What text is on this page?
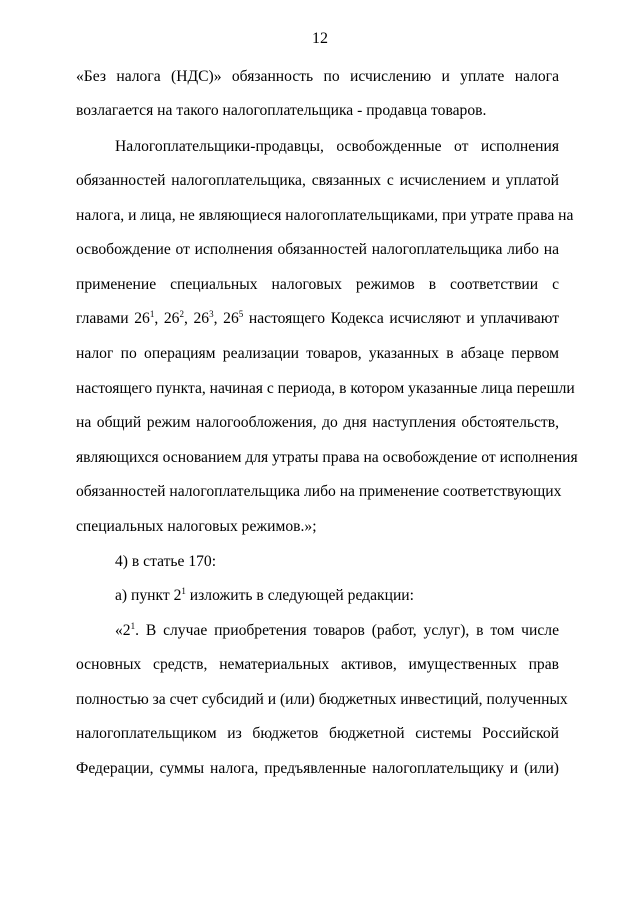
12
«Без налога (НДС)» обязанность по исчислению и уплате налога
возлагается на такого налогоплательщика - продавца товаров.
Налогоплательщики-продавцы, освобожденные от исполнения
обязанностей налогоплательщика, связанных с исчислением и уплатой
налога, и лица, не являющиеся налогоплательщиками, при утрате права на
освобождение от исполнения обязанностей налогоплательщика либо на
применение специальных налоговых режимов в соответствии с
главами $26^1$, $26^2$, $26^3$, $26^5$ настоящего Кодекса исчисляют и уплачивают
налог по операциям реализации товаров, указанных в абзаце первом
настоящего пункта, начиная с периода, в котором указанные лица перешли
на общий режим налогообложения, до дня наступления обстоятельств,
являющихся основанием для утраты права на освобождение от исполнения
обязанностей налогоплательщика либо на применение соответствующих
специальных налоговых режимов.»;
4) в статье 170:
а) пункт $2^1$ изложить в следующей редакции:
«$2^1$. В случае приобретения товаров (работ, услуг), в том числе
основных средств, нематериальных активов, имущественных прав
полностью за счет субсидий и (или) бюджетных инвестиций, полученных
налогоплательщиком из бюджетов бюджетной системы Российской
Федерации, суммы налога, предъявленные налогоплательщику и (или)
